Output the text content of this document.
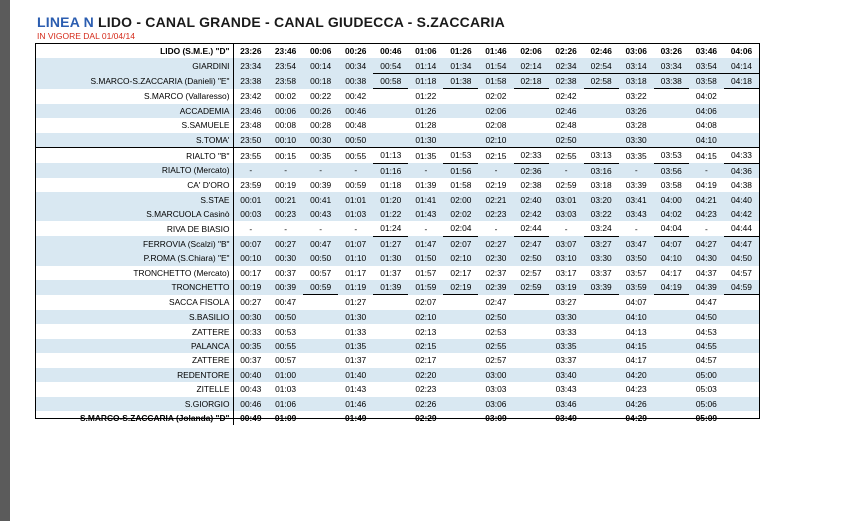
LINEA N LIDO - CANAL GRANDE - CANAL GIUDECCA - S.ZACCARIA
IN VIGORE DAL 01/04/14
LIDO (S.M.E.) "D"	23:26	23:46	00:06	00:26	00:46	01:06	01:26	01:46	02:06	02:26	02:46	03:06	03:26	03:46	04:06
GIARDINI	23:34	23:54	00:14	00:34	00:54	01:14	01:34	01:54	02:14	02:34	02:54	03:14	03:34	03:54	04:14
S.MARCO-S.ZACCARIA (Danieli) "E"	23:38	23:58	00:18	00:38	00:58	01:18	01:38	01:58	02:18	02:38	02:58	03:18	03:38	03:58	04:18
S.MARCO (Vallaresso)	23:42	00:02	00:22	00:42		01:22		02:02		02:42		03:22		04:02	
ACCADEMIA	23:46	00:06	00:26	00:46		01:26		02:06		02:46		03:26		04:06	
S.SAMUELE	23:48	00:08	00:28	00:48		01:28		02:08		02:48		03:28		04:08	
S.TOMA'	23:50	00:10	00:30	00:50		01:30		02:10		02:50		03:30		04:10	
RIALTO "B"	23:55	00:15	00:35	00:55	01:13	01:35	01:53	02:15	02:33	02:55	03:13	03:35	03:53	04:15	04:33
RIALTO (Mercato)	-	-	-	-	01:16	-	01:56	-	02:36	-	03:16	-	03:56	-	04:36
CA' D'ORO	23:59	00:19	00:39	00:59	01:18	01:39	01:58	02:19	02:38	02:59	03:18	03:39	03:58	04:19	04:38
S.STAE	00:01	00:21	00:41	01:01	01:20	01:41	02:00	02:21	02:40	03:01	03:20	03:41	04:00	04:21	04:40
S.MARCUOLA Casinò	00:03	00:23	00:43	01:03	01:22	01:43	02:02	02:23	02:42	03:03	03:22	03:43	04:02	04:23	04:42
RIVA DE BIASIO	-	-	-	-	01:24	-	02:04	-	02:44	-	03:24	-	04:04	-	04:44
FERROVIA (Scalzi) "B"	00:07	00:27	00:47	01:07	01:27	01:47	02:07	02:27	02:47	03:07	03:27	03:47	04:07	04:27	04:47
P.ROMA (S.Chiara) "E"	00:10	00:30	00:50	01:10	01:30	01:50	02:10	02:30	02:50	03:10	03:30	03:50	04:10	04:30	04:50
TRONCHETTO (Mercato)	00:17	00:37	00:57	01:17	01:37	01:57	02:17	02:37	02:57	03:17	03:37	03:57	04:17	04:37	04:57
TRONCHETTO	00:19	00:39	00:59	01:19	01:39	01:59	02:19	02:39	02:59	03:19	03:39	03:59	04:19	04:39	04:59
SACCA FISOLA	00:27	00:47		01:27		02:07		02:47		03:27		04:07		04:47	
S.BASILIO	00:30	00:50		01:30		02:10		02:50		03:30		04:10		04:50	
ZATTERE	00:33	00:53		01:33		02:13		02:53		03:33		04:13		04:53	
PALANCA	00:35	00:55		01:35		02:15		02:55		03:35		04:15		04:55	
ZATTERE	00:37	00:57		01:37		02:17		02:57		03:37		04:17		04:57	
REDENTORE	00:40	01:00		01:40		02:20		03:00		03:40		04:20		05:00	
ZITELLE	00:43	01:03		01:43		02:23		03:03		03:43		04:23		05:03	
S.GIORGIO	00:46	01:06		01:46		02:26		03:06		03:46		04:26		05:06	
S.MARCO-S.ZACCARIA (Jolanda) "D"	00:49	01:09		01:49		02:29		03:09		03:49		04:29		05:09	
